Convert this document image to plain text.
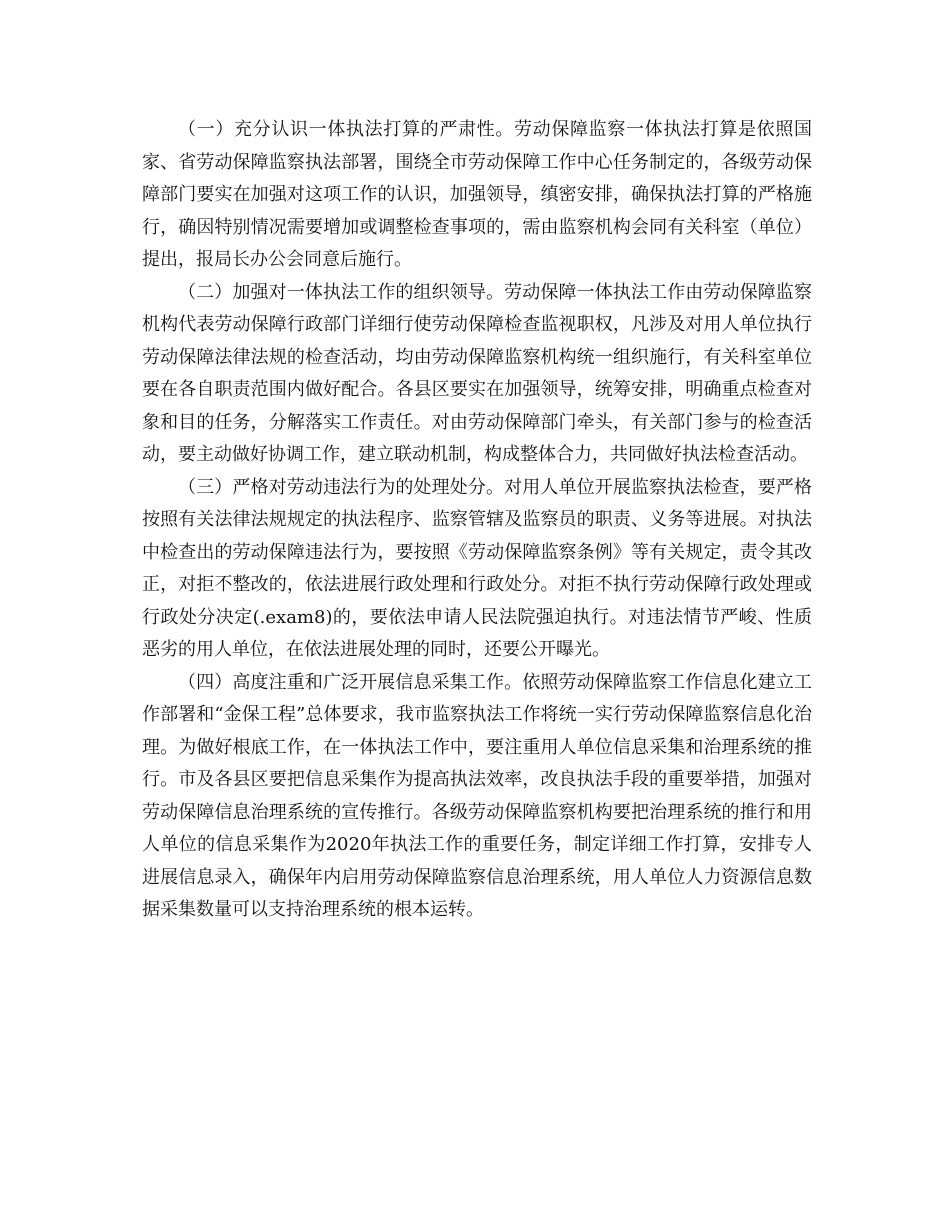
（一）充分认识一体执法打算的严肃性。劳动保障监察一体执法打算是依照国家、省劳动保障监察执法部署，围绕全市劳动保障工作中心任务制定的，各级劳动保障部门要实在加强对这项工作的认识，加强领导，缜密安排，确保执法打算的严格施行，确因特别情况需要增加或调整检查事项的，需由监察机构会同有关科室（单位）提出，报局长办公会同意后施行。

（二）加强对一体执法工作的组织领导。劳动保障一体执法工作由劳动保障监察机构代表劳动保障行政部门详细行使劳动保障检查监视职权，凡涉及对用人单位执行劳动保障法律法规的检查活动，均由劳动保障监察机构统一组织施行，有关科室单位要在各自职责范围内做好配合。各县区要实在加强领导，统筹安排，明确重点检查对象和目的任务，分解落实工作责任。对由劳动保障部门牵头，有关部门参与的检查活动，要主动做好协调工作，建立联动机制，构成整体合力，共同做好执法检查活动。

（三）严格对劳动违法行为的处理处分。对用人单位开展监察执法检查，要严格按照有关法律法规规定的执法程序、监察管辖及监察员的职责、义务等进展。对执法中检查出的劳动保障违法行为，要按照《劳动保障监察条例》等有关规定，责令其改正，对拒不整改的，依法进展行政处理和行政处分。对拒不执行劳动保障行政处理或行政处分决定(.exam8)的，要依法申请人民法院强迫执行。对违法情节严峻、性质恶劣的用人单位，在依法进展处理的同时，还要公开曝光。

（四）高度注重和广泛开展信息采集工作。依照劳动保障监察工作信息化建立工作部署和“金保工程”总体要求，我市监察执法工作将统一实行劳动保障监察信息化治理。为做好根底工作，在一体执法工作中，要注重用人单位信息采集和治理系统的推行。市及各县区要把信息采集作为提高执法效率，改良执法手段的重要举措，加强对劳动保障信息治理系统的宣传推行。各级劳动保障监察机构要把治理系统的推行和用人单位的信息采集作为2020年执法工作的重要任务，制定详细工作打算，安排专人进展信息录入，确保年内启用劳动保障监察信息治理系统，用人单位人力资源信息数据采集数量可以支持治理系统的根本运转。
